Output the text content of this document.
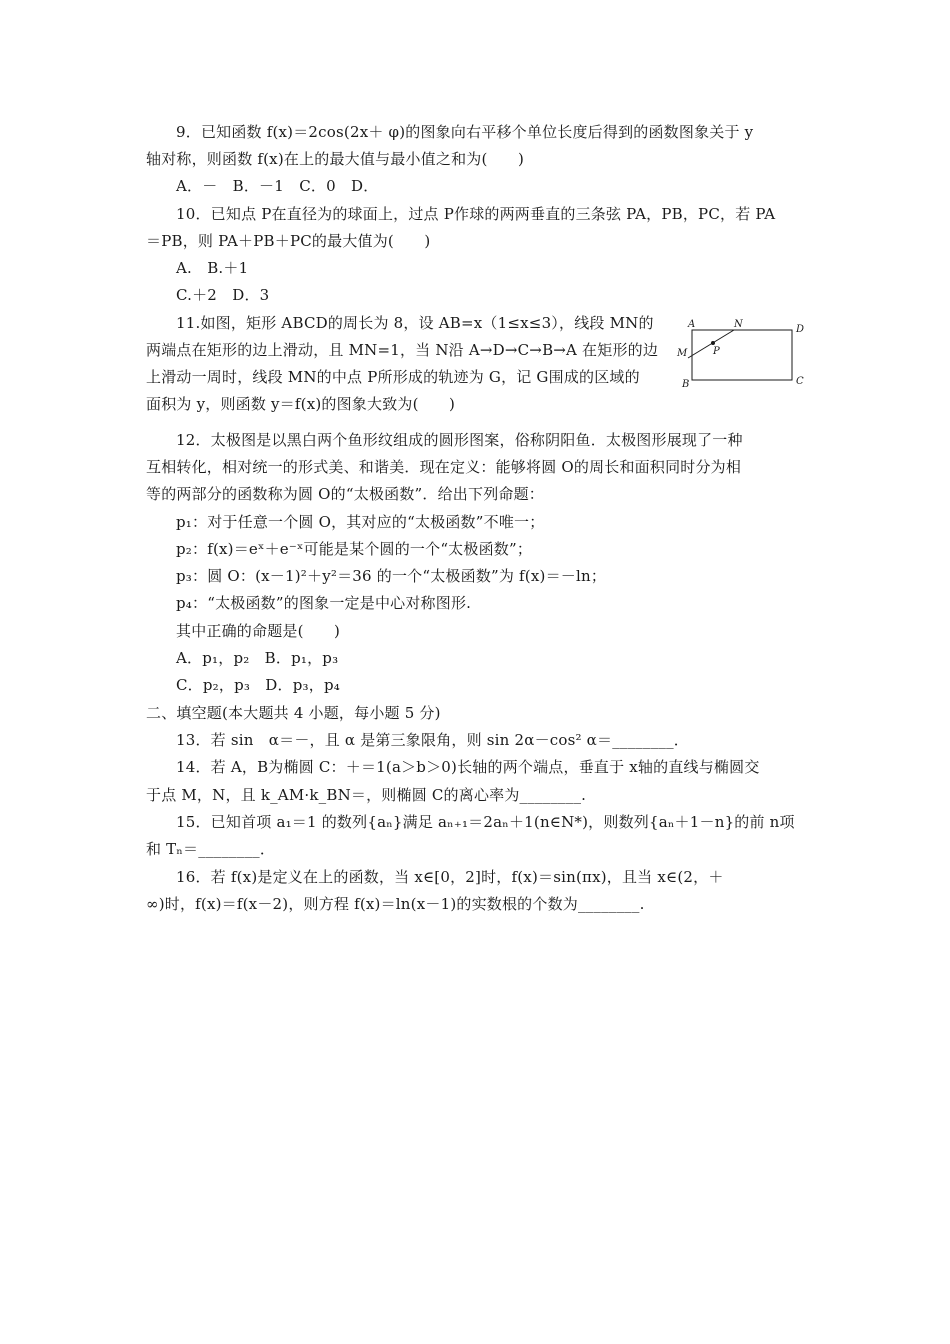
9．已知函数 f(x)＝2cos(2x＋ φ)的图象向右平移个单位长度后得到的函数图象关于 y
轴对称，则函数 f(x)在上的最大值与最小值之和为(　　)
A．－　B．－1　C．0　D．
10．已知点 P在直径为的球面上，过点 P作球的两两垂直的三条弦 PA，PB，PC，若 PA
＝PB，则 PA＋PB＋PC的最大值为(　　)
A.　B.＋1
C.＋2　D．3
11.如图，矩形 ABCD的周长为 8，设 AB=x（1≤x≤3），线段 MN的
两端点在矩形的边上滑动，且 MN=1，当 N沿 A→D→C→B→A 在矩形的边
上滑动一周时，线段 MN的中点 P所形成的轨迹为 G，记 G围成的区域的
面积为 y，则函数 y＝f(x)的图象大致为(　　)
A	N	D
M	P
B	C
12．太极图是以黑白两个鱼形纹组成的圆形图案，俗称阴阳鱼．太极图形展现了一种
互相转化，相对统一的形式美、和谐美．现在定义：能够将圆 O的周长和面积同时分为相
等的两部分的函数称为圆 O的“太极函数”．给出下列命题：
p₁：对于任意一个圆 O，其对应的“太极函数”不唯一；
p₂：f(x)＝eˣ＋e⁻ˣ可能是某个圆的一个“太极函数”；
p₃：圆 O：(x－1)²＋y²＝36 的一个“太极函数”为 f(x)＝－ln；
p₄：“太极函数”的图象一定是中心对称图形.
其中正确的命题是(　　)
A．p₁，p₂　B．p₁，p₃
C．p₂，p₃　D．p₃，p₄
二、填空题(本大题共 4 小题，每小题 5 分)
13．若 sin　α＝－，且 α 是第三象限角，则 sin 2α－cos² α＝________．
14．若 A，B为椭圆 C：＋＝1(a＞b＞0)长轴的两个端点，垂直于 x轴的直线与椭圆交
于点 M，N，且 k_AM·k_BN＝，则椭圆 C的离心率为________.
15．已知首项 a₁＝1 的数列{aₙ}满足 aₙ₊₁＝2aₙ＋1(n∈N*)，则数列{aₙ＋1－n}的前 n项
和 Tₙ＝________．
16．若 f(x)是定义在上的函数，当 x∈[0，2]时，f(x)＝sin(πx)，且当 x∈(2，＋
∞)时，f(x)＝f(x－2)，则方程 f(x)＝ln(x－1)的实数根的个数为________.
